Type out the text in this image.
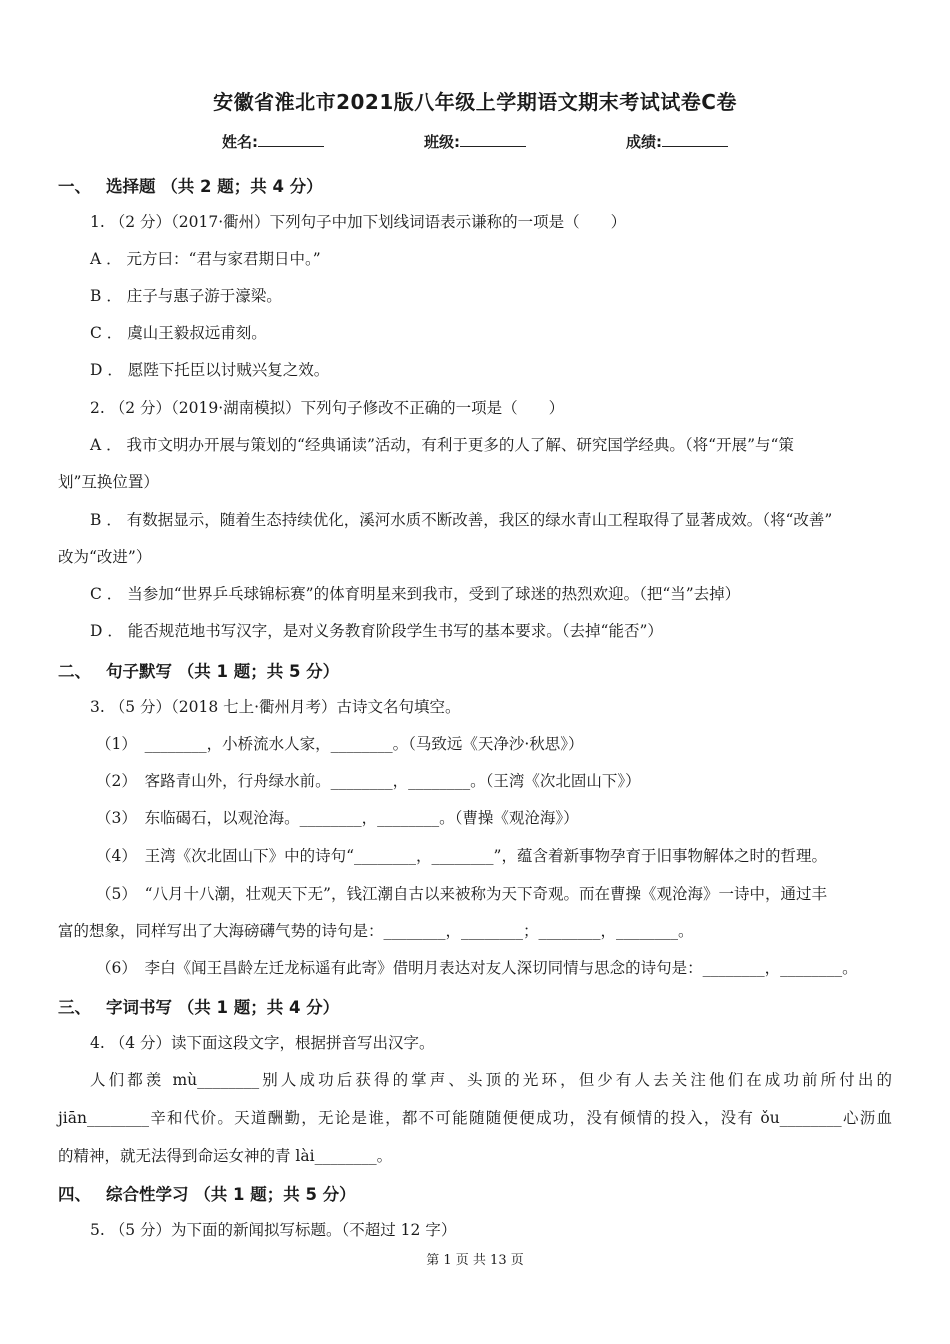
安徽省淮北市2021版八年级上学期语文期末考试试卷C卷
姓名:	班级:	成绩:
一、 选择题 （共 2 题；共 4 分）
1. （2 分）（2017·衢州）下列句子中加下划线词语表示谦称的一项是（　　）
A ． 元方曰：“君与家君期日中。”
B ． 庄子与惠子游于濠梁。
C ． 虞山王毅叔远甫刻。
D ． 愿陛下托臣以讨贼兴复之效。
2. （2 分）（2019·湖南模拟）下列句子修改不正确的一项是（　　）
A ． 我市文明办开展与策划的“经典诵读”活动，有利于更多的人了解、研究国学经典。（将“开展”与“策
划”互换位置）
B ． 有数据显示，随着生态持续优化，溪河水质不断改善，我区的绿水青山工程取得了显著成效。（将“改善”
改为“改进”）
C ． 当参加“世界乒乓球锦标赛”的体育明星来到我市，受到了球迷的热烈欢迎。（把“当”去掉）
D ． 能否规范地书写汉字，是对义务教育阶段学生书写的基本要求。（去掉“能否”）
二、 句子默写 （共 1 题；共 5 分）
3. （5 分）（2018 七上·衢州月考）古诗文名句填空。
（1）　________，小桥流水人家，________。（马致远《天净沙·秋思》）
（2）　客路青山外，行舟绿水前。________，________。（王湾《次北固山下》）
（3）　东临碣石，以观沧海。________，________。（曹操《观沧海》）
（4）　王湾《次北固山下》中的诗句“________，________”，蕴含着新事物孕育于旧事物解体之时的哲理。
（5）　“八月十八潮，壮观天下无”，钱江潮自古以来被称为天下奇观。而在曹操《观沧海》一诗中，通过丰
富的想象，同样写出了大海磅礴气势的诗句是：________，________；________，________。
（6）　李白《闻王昌龄左迁龙标遥有此寄》借明月表达对友人深切同情与思念的诗句是：________，________。
三、 字词书写 （共 1 题；共 4 分）
4. （4 分）读下面这段文字，根据拼音写出汉字。
人们都羡 mù________别人成功后获得的掌声、头顶的光环，但少有人去关注他们在成功前所付出的
jiān________辛和代价。天道酬勤，无论是谁，都不可能随随便便成功，没有倾情的投入，没有 ǒu________心沥血
的精神，就无法得到命运女神的青 lài________。
四、 综合性学习 （共 1 题；共 5 分）
5. （5 分）为下面的新闻拟写标题。（不超过 12 字）
第 1 页 共 13 页
